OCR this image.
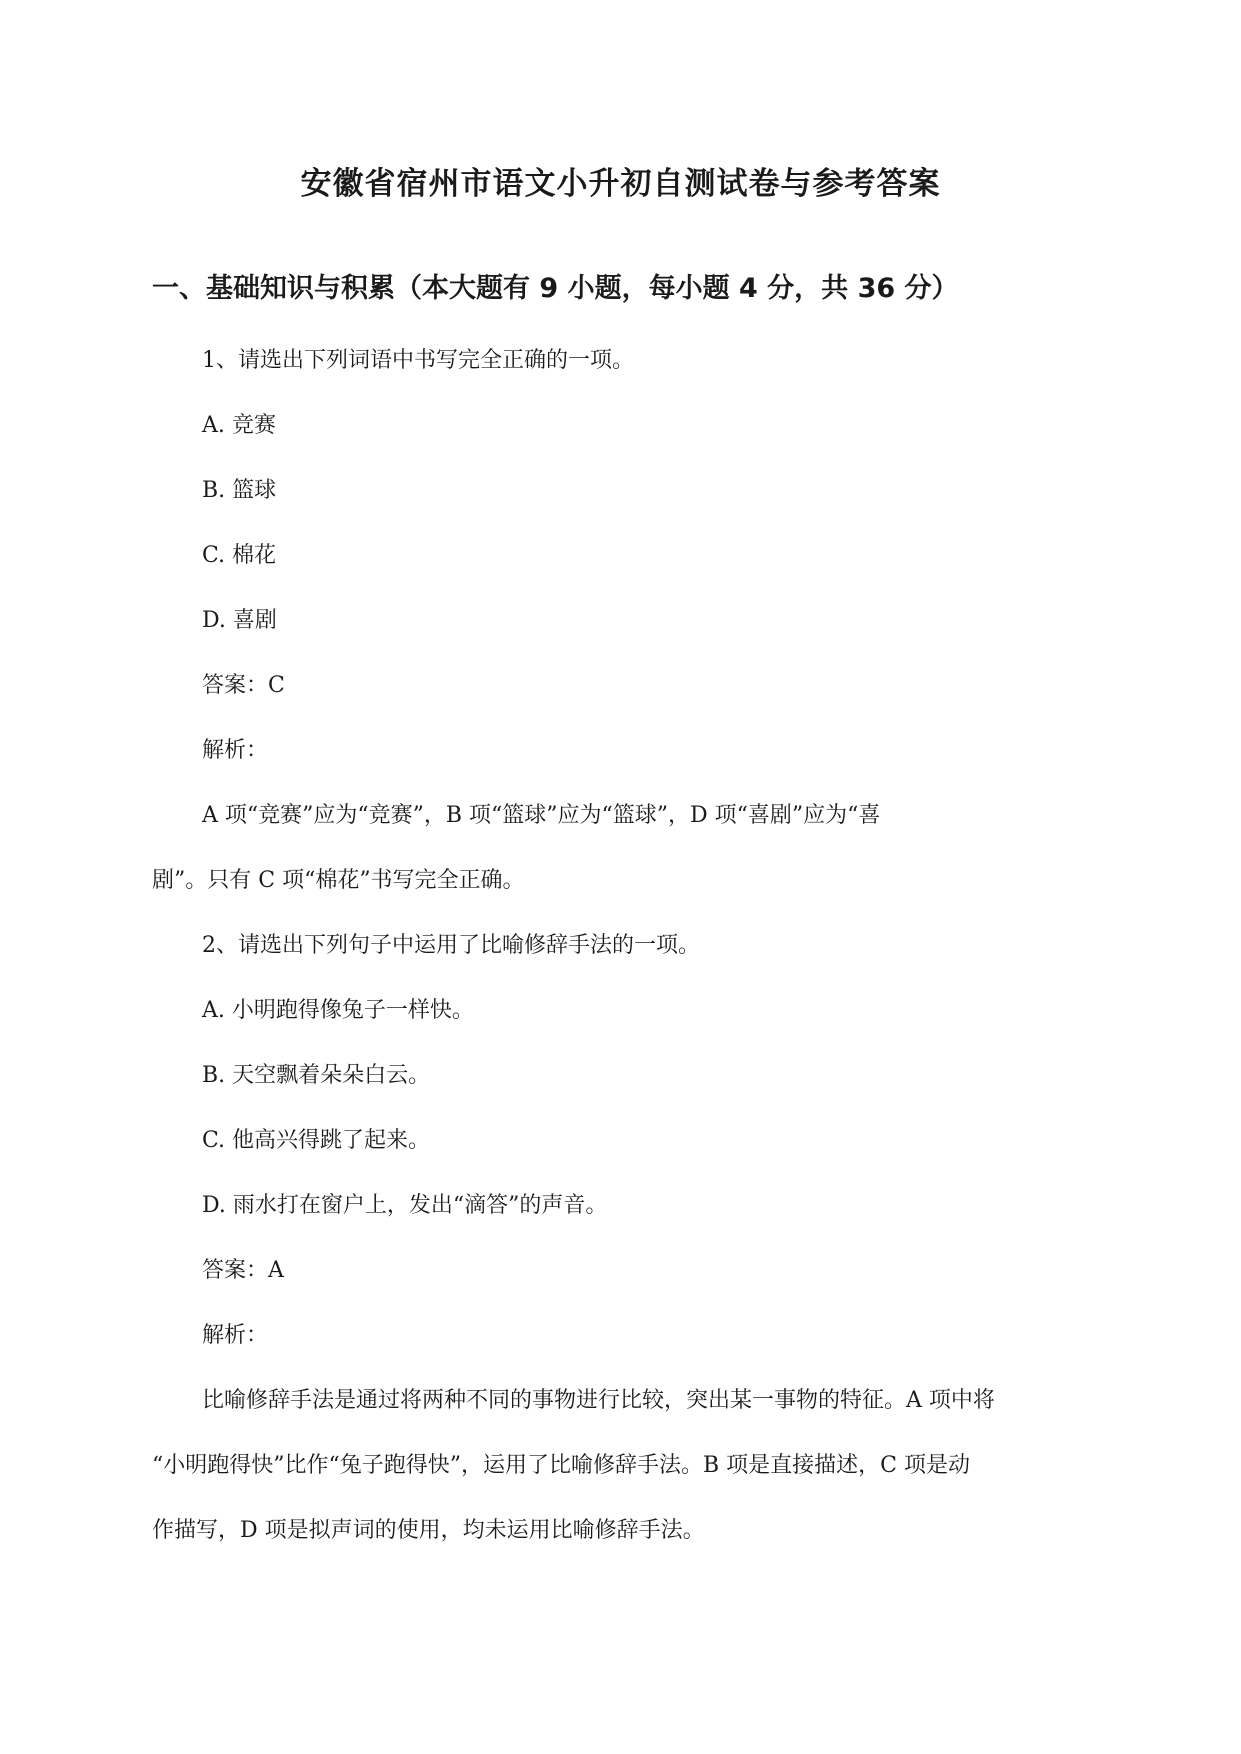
安徽省宿州市语文小升初自测试卷与参考答案
一、基础知识与积累（本大题有 9 小题，每小题 4 分，共 36 分）

1、请选出下列词语中书写完全正确的一项。

A. 竞赛

B. 篮球

C. 棉花

D. 喜剧

答案：C

解析：

A 项“竞赛”应为“竞赛”，B 项“篮球”应为“篮球”，D 项“喜剧”应为“喜

剧”。只有 C 项“棉花”书写完全正确。

2、请选出下列句子中运用了比喻修辞手法的一项。

A. 小明跑得像兔子一样快。

B. 天空飘着朵朵白云。

C. 他高兴得跳了起来。

D. 雨水打在窗户上，发出“滴答”的声音。

答案：A

解析：

比喻修辞手法是通过将两种不同的事物进行比较，突出某一事物的特征。A 项中将

“小明跑得快”比作“兔子跑得快”，运用了比喻修辞手法。B 项是直接描述，C 项是动

作描写，D 项是拟声词的使用，均未运用比喻修辞手法。
